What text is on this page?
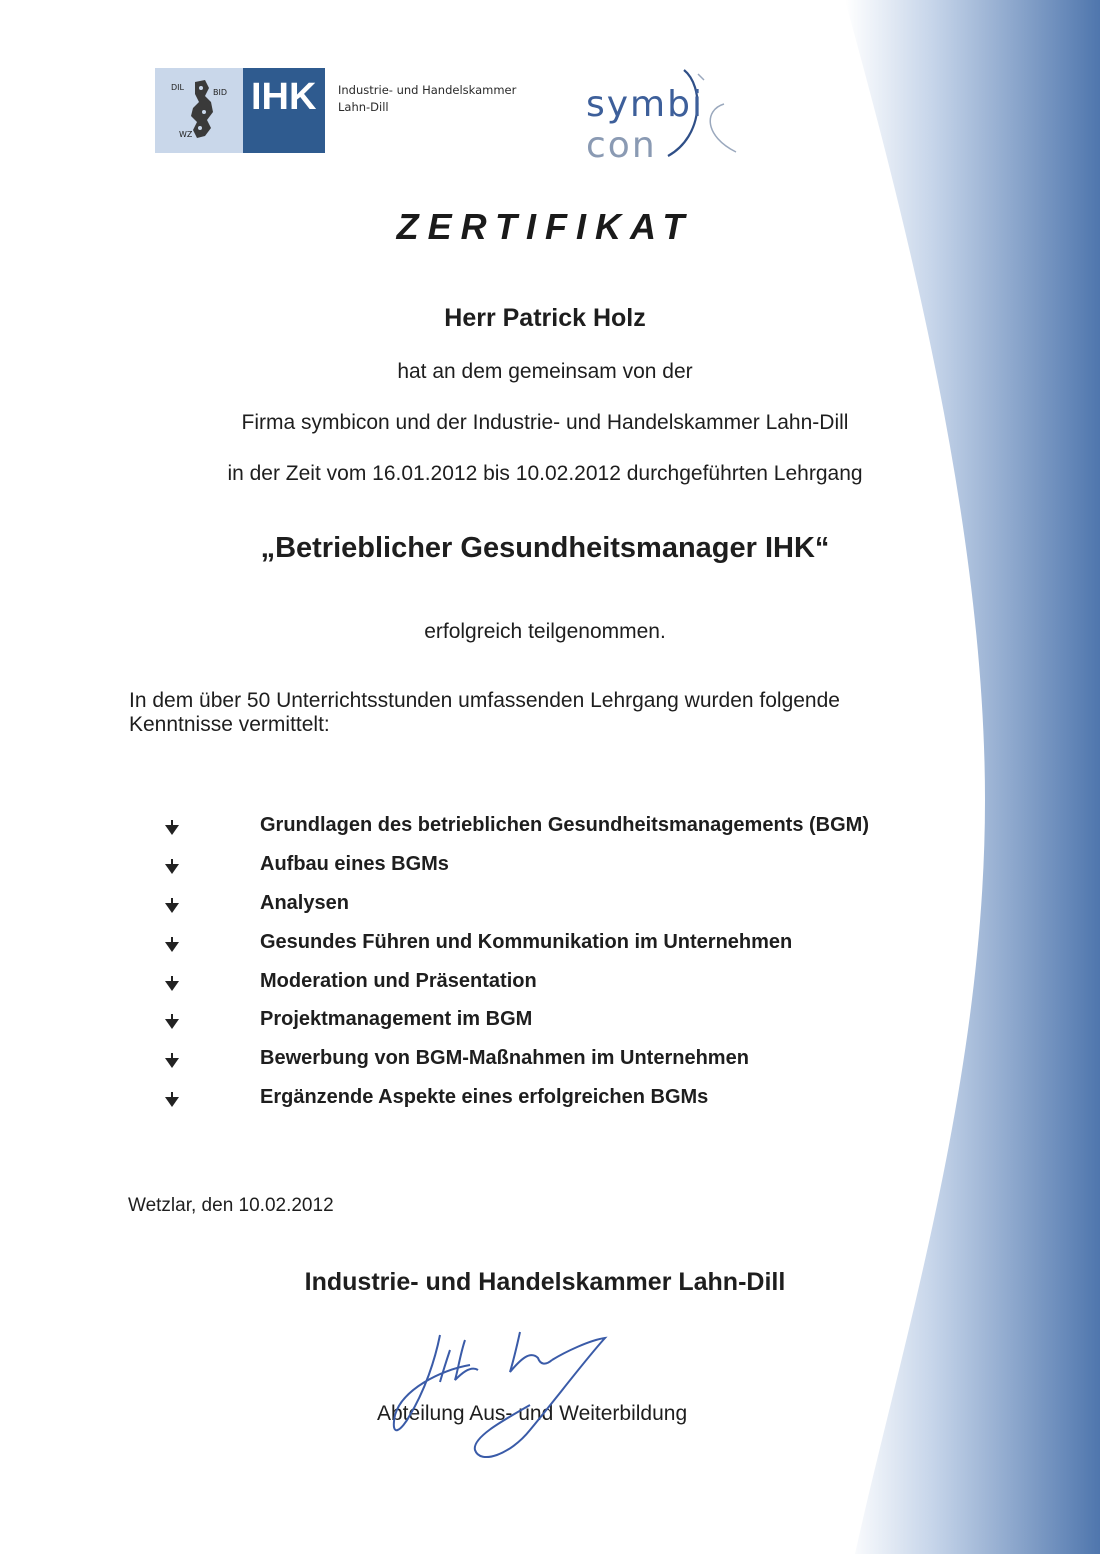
DIL
BID
WZ
IHK Industrie- und Handelskammer
Lahn-Dill	symbicon
ZERTIFIKAT
Herr Patrick Holz
hat an dem gemeinsam von der
Firma symbicon und der Industrie- und Handelskammer Lahn-Dill
in der Zeit vom 16.01.2012 bis 10.02.2012 durchgeführten Lehrgang
„Betrieblicher Gesundheitsmanager IHK“
erfolgreich teilgenommen.
In dem über 50 Unterrichtsstunden umfassenden Lehrgang wurden folgende Kenntnisse vermittelt:
Grundlagen des betrieblichen Gesundheitsmanagements (BGM)
Aufbau eines BGMs
Analysen
Gesundes Führen und Kommunikation im Unternehmen
Moderation und Präsentation
Projektmanagement im BGM
Bewerbung von BGM-Maßnahmen im Unternehmen
Ergänzende Aspekte eines erfolgreichen BGMs
Wetzlar, den 10.02.2012
Industrie- und Handelskammer Lahn-Dill
Abteilung Aus- und Weiterbildung
